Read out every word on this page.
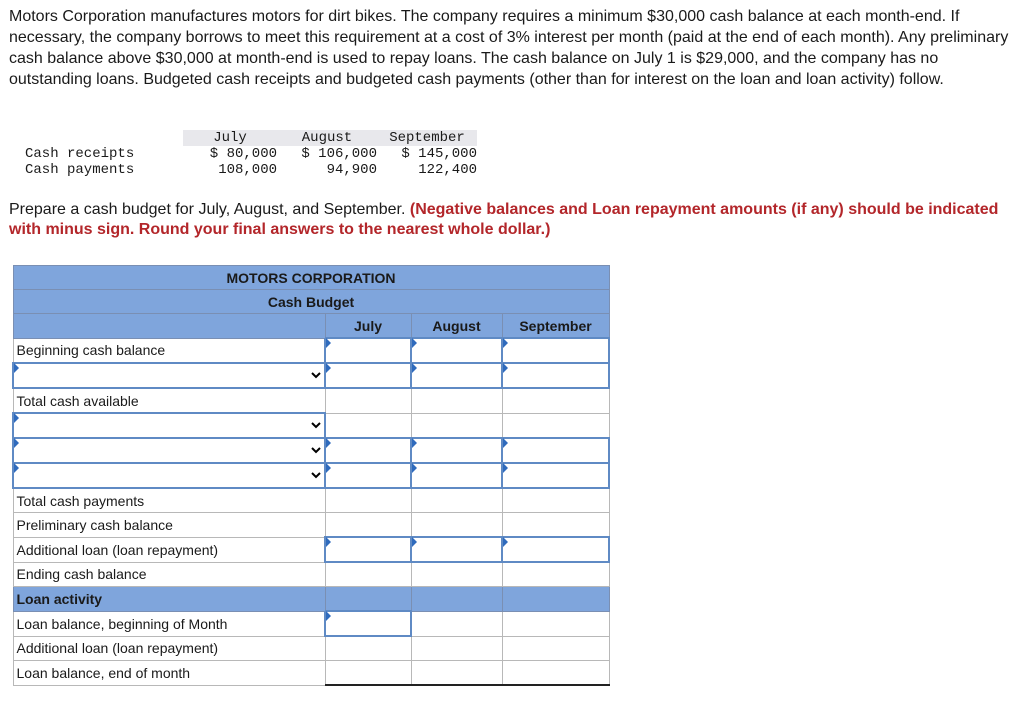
Motors Corporation manufactures motors for dirt bikes. The company requires a minimum $30,000 cash balance at each month-end. If necessary, the company borrows to meet this requirement at a cost of 3% interest per month (paid at the end of each month). Any preliminary cash balance above $30,000 at month-end is used to repay loans. The cash balance on July 1 is $29,000, and the company has no outstanding loans. Budgeted cash receipts and budgeted cash payments (other than for interest on the loan and loan activity) follow.

	July	August	September
Cash receipts	$ 80,000	$ 106,000	$ 145,000
Cash payments	108,000	94,900	122,400

Prepare a cash budget for July, August, and September. (Negative balances and Loan repayment amounts (if any) should be indicated with minus sign. Round your final answers to the nearest whole dollar.)

MOTORS CORPORATION			
Cash Budget			
	July	August	September
Beginning cash balance	

Total cash available			

Total cash payments			
Preliminary cash balance			
Additional loan (loan repayment)	

Ending cash balance			
Loan activity			
Loan balance, beginning of Month	

Additional loan (loan repayment)			
Loan balance, end of month			
